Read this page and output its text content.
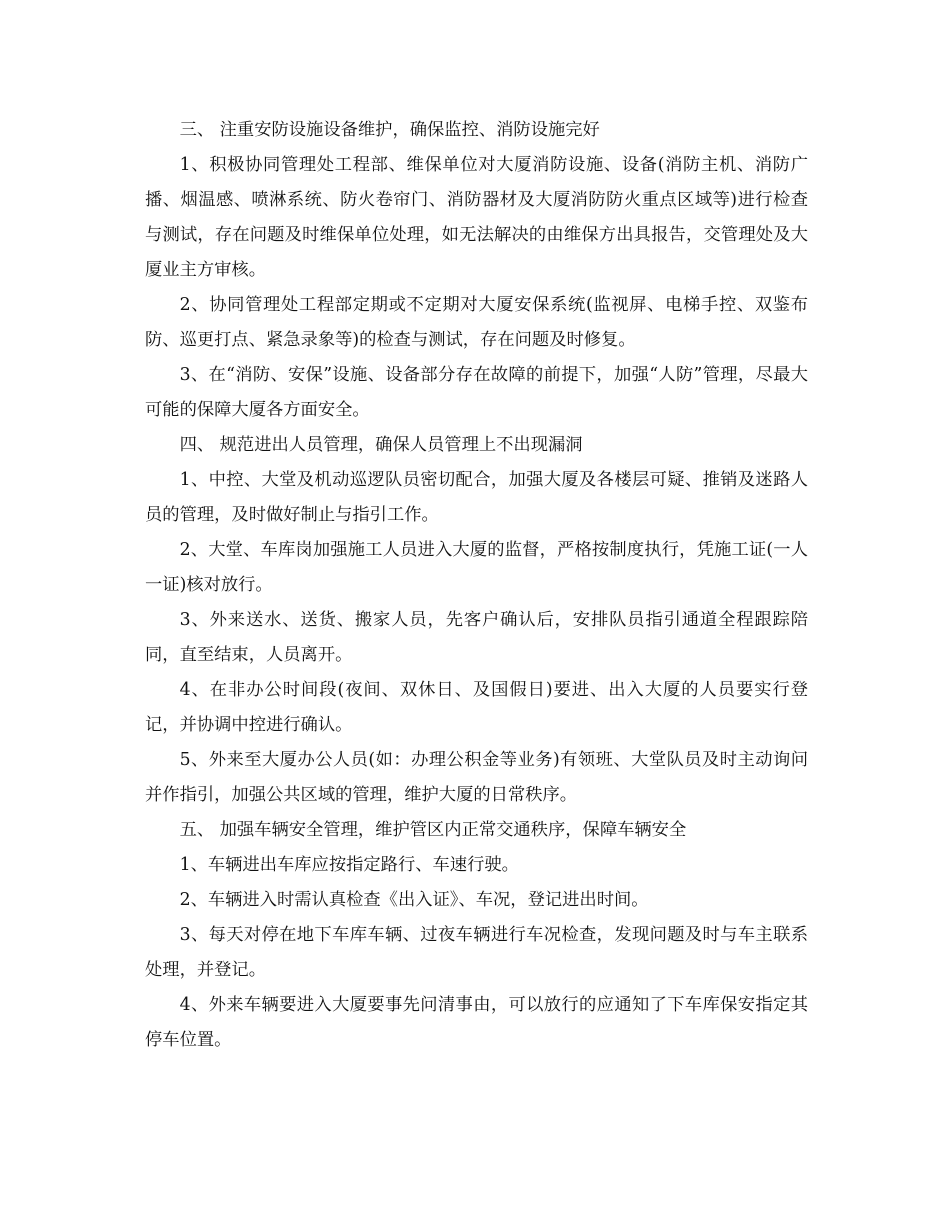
三、 注重安防设施设备维护，确保监控、消防设施完好

1、积极协同管理处工程部、维保单位对大厦消防设施、设备(消防主机、消防广播、烟温感、喷淋系统、防火卷帘门、消防器材及大厦消防防火重点区域等)进行检查与测试，存在问题及时维保单位处理，如无法解决的由维保方出具报告，交管理处及大厦业主方审核。

2、协同管理处工程部定期或不定期对大厦安保系统(监视屏、电梯手控、双鉴布防、巡更打点、紧急录象等)的检查与测试，存在问题及时修复。

3、在“消防、安保”设施、设备部分存在故障的前提下，加强“人防”管理，尽最大可能的保障大厦各方面安全。

四、 规范进出人员管理，确保人员管理上不出现漏洞

1、中控、大堂及机动巡逻队员密切配合，加强大厦及各楼层可疑、推销及迷路人员的管理，及时做好制止与指引工作。

2、大堂、车库岗加强施工人员进入大厦的监督，严格按制度执行，凭施工证(一人一证)核对放行。

3、外来送水、送货、搬家人员，先客户确认后，安排队员指引通道全程跟踪陪同，直至结束，人员离开。

4、在非办公时间段(夜间、双休日、及国假日)要进、出入大厦的人员要实行登记，并协调中控进行确认。

5、外来至大厦办公人员(如：办理公积金等业务)有领班、大堂队员及时主动询问并作指引，加强公共区域的管理，维护大厦的日常秩序。

五、 加强车辆安全管理，维护管区内正常交通秩序，保障车辆安全

1、车辆进出车库应按指定路行、车速行驶。

2、车辆进入时需认真检查《出入证》、车况，登记进出时间。

3、每天对停在地下车库车辆、过夜车辆进行车况检查，发现问题及时与车主联系处理，并登记。

4、外来车辆要进入大厦要事先问清事由，可以放行的应通知了下车库保安指定其停车位置。
